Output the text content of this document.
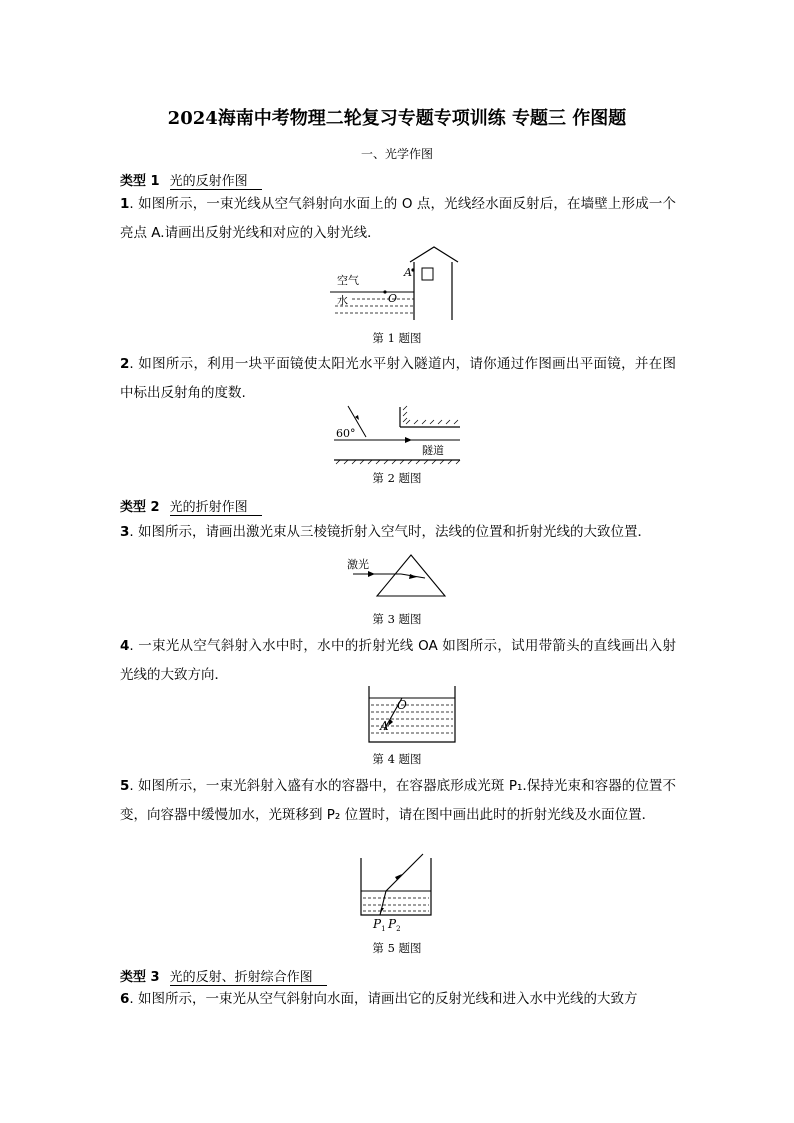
2024海南中考物理二轮复习专题专项训练 专题三 作图题
一、光学作图
类型 1 光的反射作图
1. 如图所示，一束光线从空气斜射向水面上的 O 点，光线经水面反射后，在墙壁上形成一个亮点 A.请画出反射光线和对应的入射光线．
A
空气
水	O
第 1 题图
2. 如图所示，利用一块平面镜使太阳光水平射入隧道内，请你通过作图画出平面镜，并在图中标出反射角的度数.
60°
隧道
第 2 题图
类型 2 光的折射作图
3. 如图所示，请画出激光束从三棱镜折射入空气时，法线的位置和折射光线的大致位置．
激光
第 3 题图
4. 一束光从空气斜射入水中时，水中的折射光线 OA 如图所示，试用带箭头的直线画出入射光线的大致方向．
O
A
第 4 题图
5. 如图所示，一束光斜射入盛有水的容器中，在容器底形成光斑 P₁.保持光束和容器的位置不变，向容器中缓慢加水，光斑移到 P₂ 位置时，请在图中画出此时的折射光线及水面位置．
$P_1$ $P_2$
第 5 题图
类型 3 光的反射、折射综合作图
6. 如图所示，一束光从空气斜射向水面，请画出它的反射光线和进入水中光线的大致方
